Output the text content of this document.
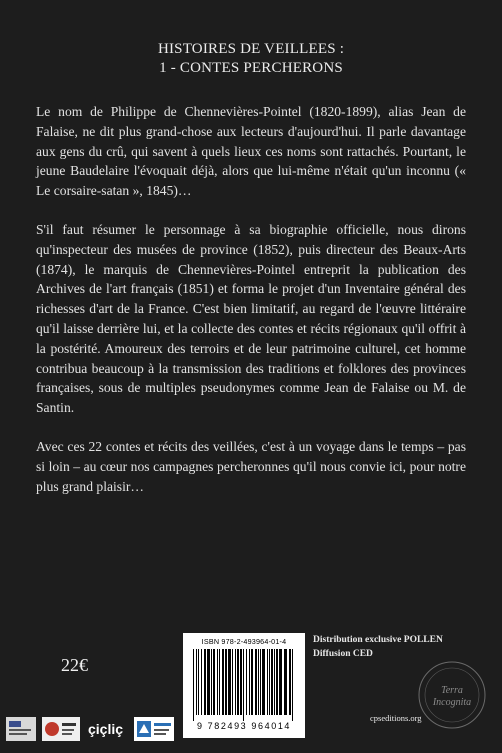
HISTOIRES DE VEILLEES :
1 - CONTES PERCHERONS

Le nom de Philippe de Chennevières-Pointel (1820-1899), alias Jean de Falaise, ne dit plus grand-chose aux lecteurs d'aujourd'hui. Il parle davantage aux gens du crû, qui savent à quels lieux ces noms sont rattachés. Pourtant, le jeune Baudelaire l'évoquait déjà, alors que lui-même n'était qu'un inconnu (« Le corsaire-satan », 1845)…

S'il faut résumer le personnage à sa biographie officielle, nous dirons qu'inspecteur des musées de province (1852), puis directeur des Beaux-Arts (1874), le marquis de Chennevières-Pointel entreprit la publication des Archives de l'art français (1851) et forma le projet d'un Inventaire général des richesses d'art de la France. C'est bien limitatif, au regard de l'œuvre littéraire qu'il laisse derrière lui, et la collecte des contes et récits régionaux qu'il offrit à la postérité. Amoureux des terroirs et de leur patrimoine culturel, cet homme contribua beaucoup à la transmission des traditions et folklores des provinces françaises, sous de multiples pseudonymes comme Jean de Falaise ou M. de Santin.

Avec ces 22 contes et récits des veillées, c'est à un voyage dans le temps – pas si loin – au cœur nos campagnes percheronnes qu'il nous convie ici, pour notre plus grand plaisir…

22€
ISBN 978-2-493964-01-4
9 782493 964014
Distribution exclusive POLLEN
Diffusion CED
cpseditions.org
Terra
Incognita
çiçliç
